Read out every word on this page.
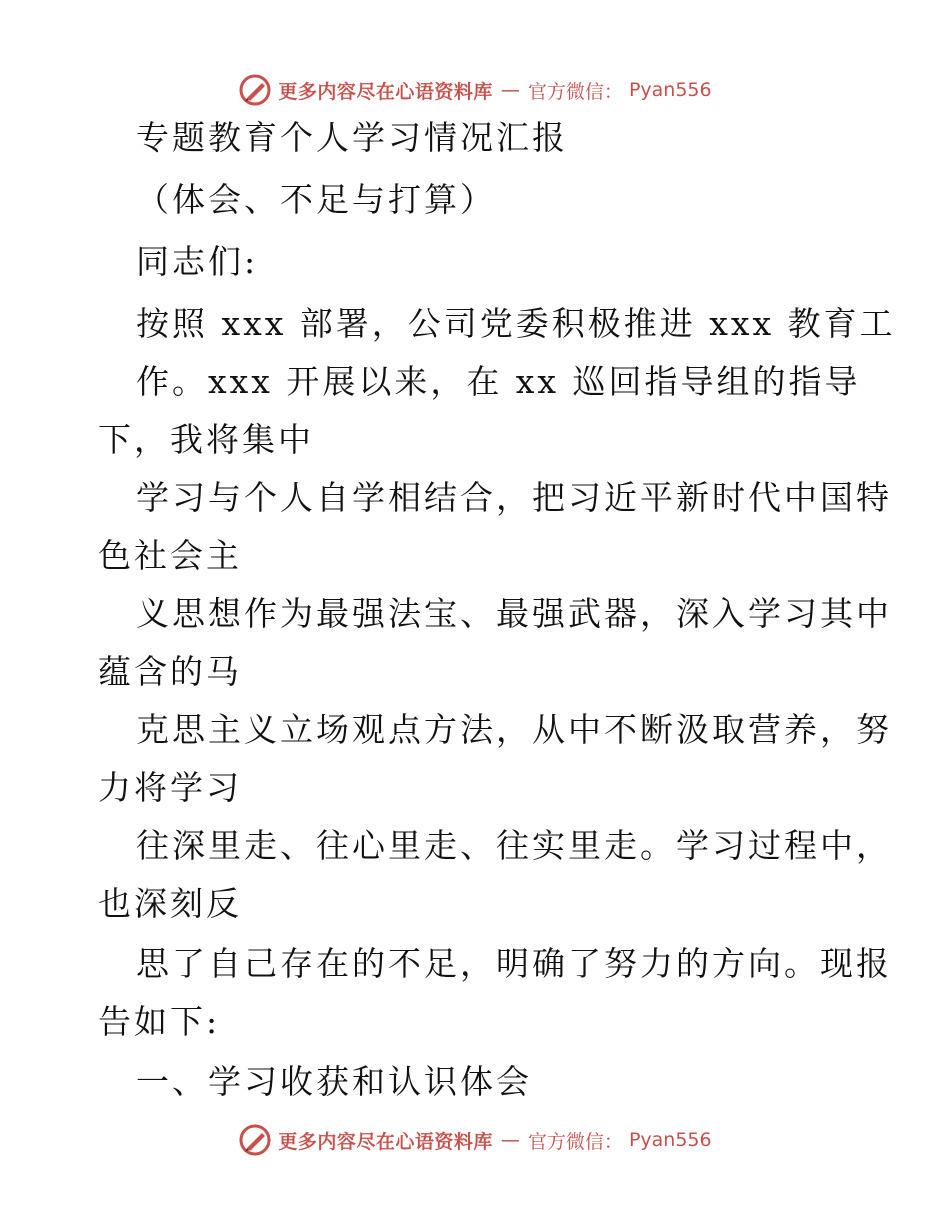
更多内容尽在心语资料库 — 官方微信： Pyan556
专题教育个人学习情况汇报
（体会、不足与打算）
同志们:
按照 xxx 部署，公司党委积极推进 xxx 教育工
作。xxx 开展以来，在 xx 巡回指导组的指导
下，我将集中
学习与个人自学相结合，把习近平新时代中国特
色社会主
义思想作为最强法宝、最强武器，深入学习其中
蕴含的马
克思主义立场观点方法，从中不断汲取营养，努
力将学习
往深里走、往心里走、往实里走。学习过程中，
也深刻反
思了自己存在的不足，明确了努力的方向。现报
告如下:
一、学习收获和认识体会
更多内容尽在心语资料库 — 官方微信： Pyan556
